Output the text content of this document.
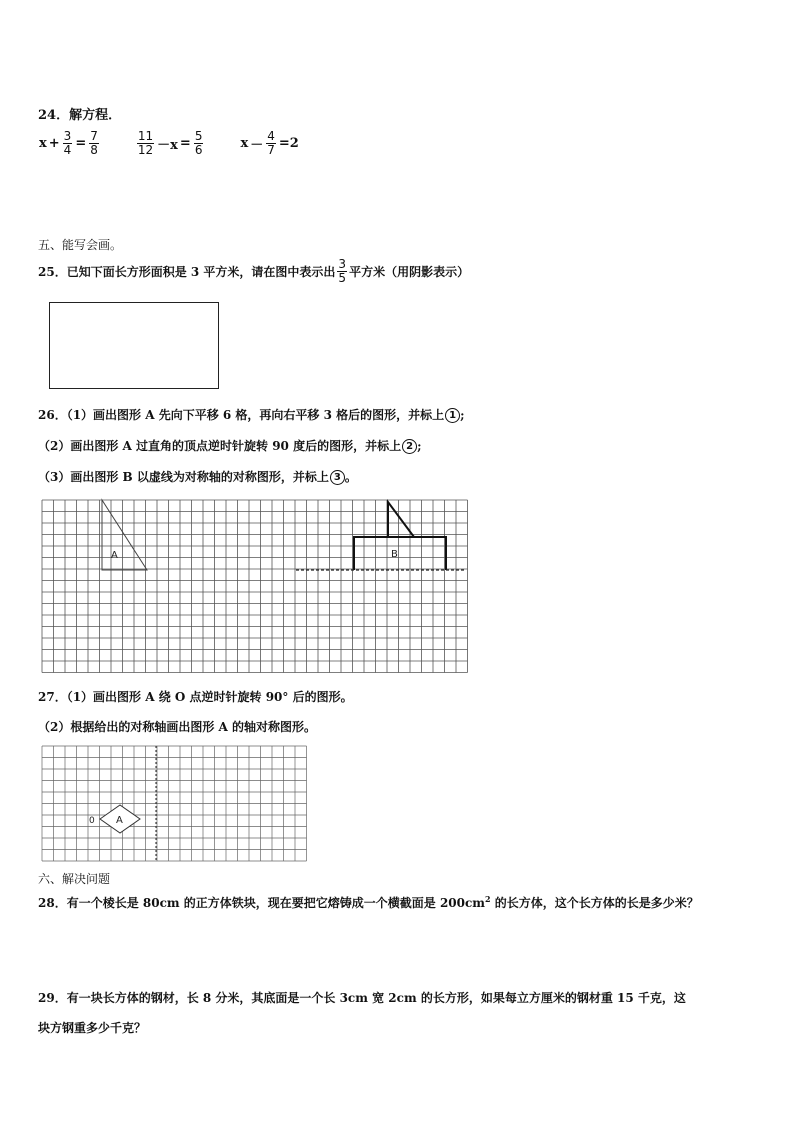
24．解方程．
$x + \frac{3}{4} = \frac{7}{8}$	$\frac{11}{12} -x = \frac{5}{6}$	$x - \frac{4}{7} =2$
五、能写会画。
25．已知下面长方形面积是 3 平方米，请在图中表示出 $\frac{3}{5}$ 平方米（用阴影表示）
26．（1）画出图形 A 先向下平移 6 格，再向右平移 3 格后的图形，并标上 1 ;
（2）画出图形 A 过直角的顶点逆时针旋转 90 度后的图形，并标上 2 ;
（3）画出图形 B 以虚线为对称轴的对称图形，并标上 3 。
A	B
27．（1）画出图形 A 绕 O 点逆时针旋转 90° 后的图形。
（2）根据给出的对称轴画出图形 A 的轴对称图形。
A
0
六、解决问题
28．有一个棱长是 80cm 的正方体铁块，现在要把它熔铸成一个横截面是 $200cm^2$ 的长方体，这个长方体的长是多少米？
29．有一块长方体的钢材，长 8 分米，其底面是一个长 3cm 宽 2cm 的长方形，如果每立方厘米的钢材重 15 千克，这
块方钢重多少千克？
